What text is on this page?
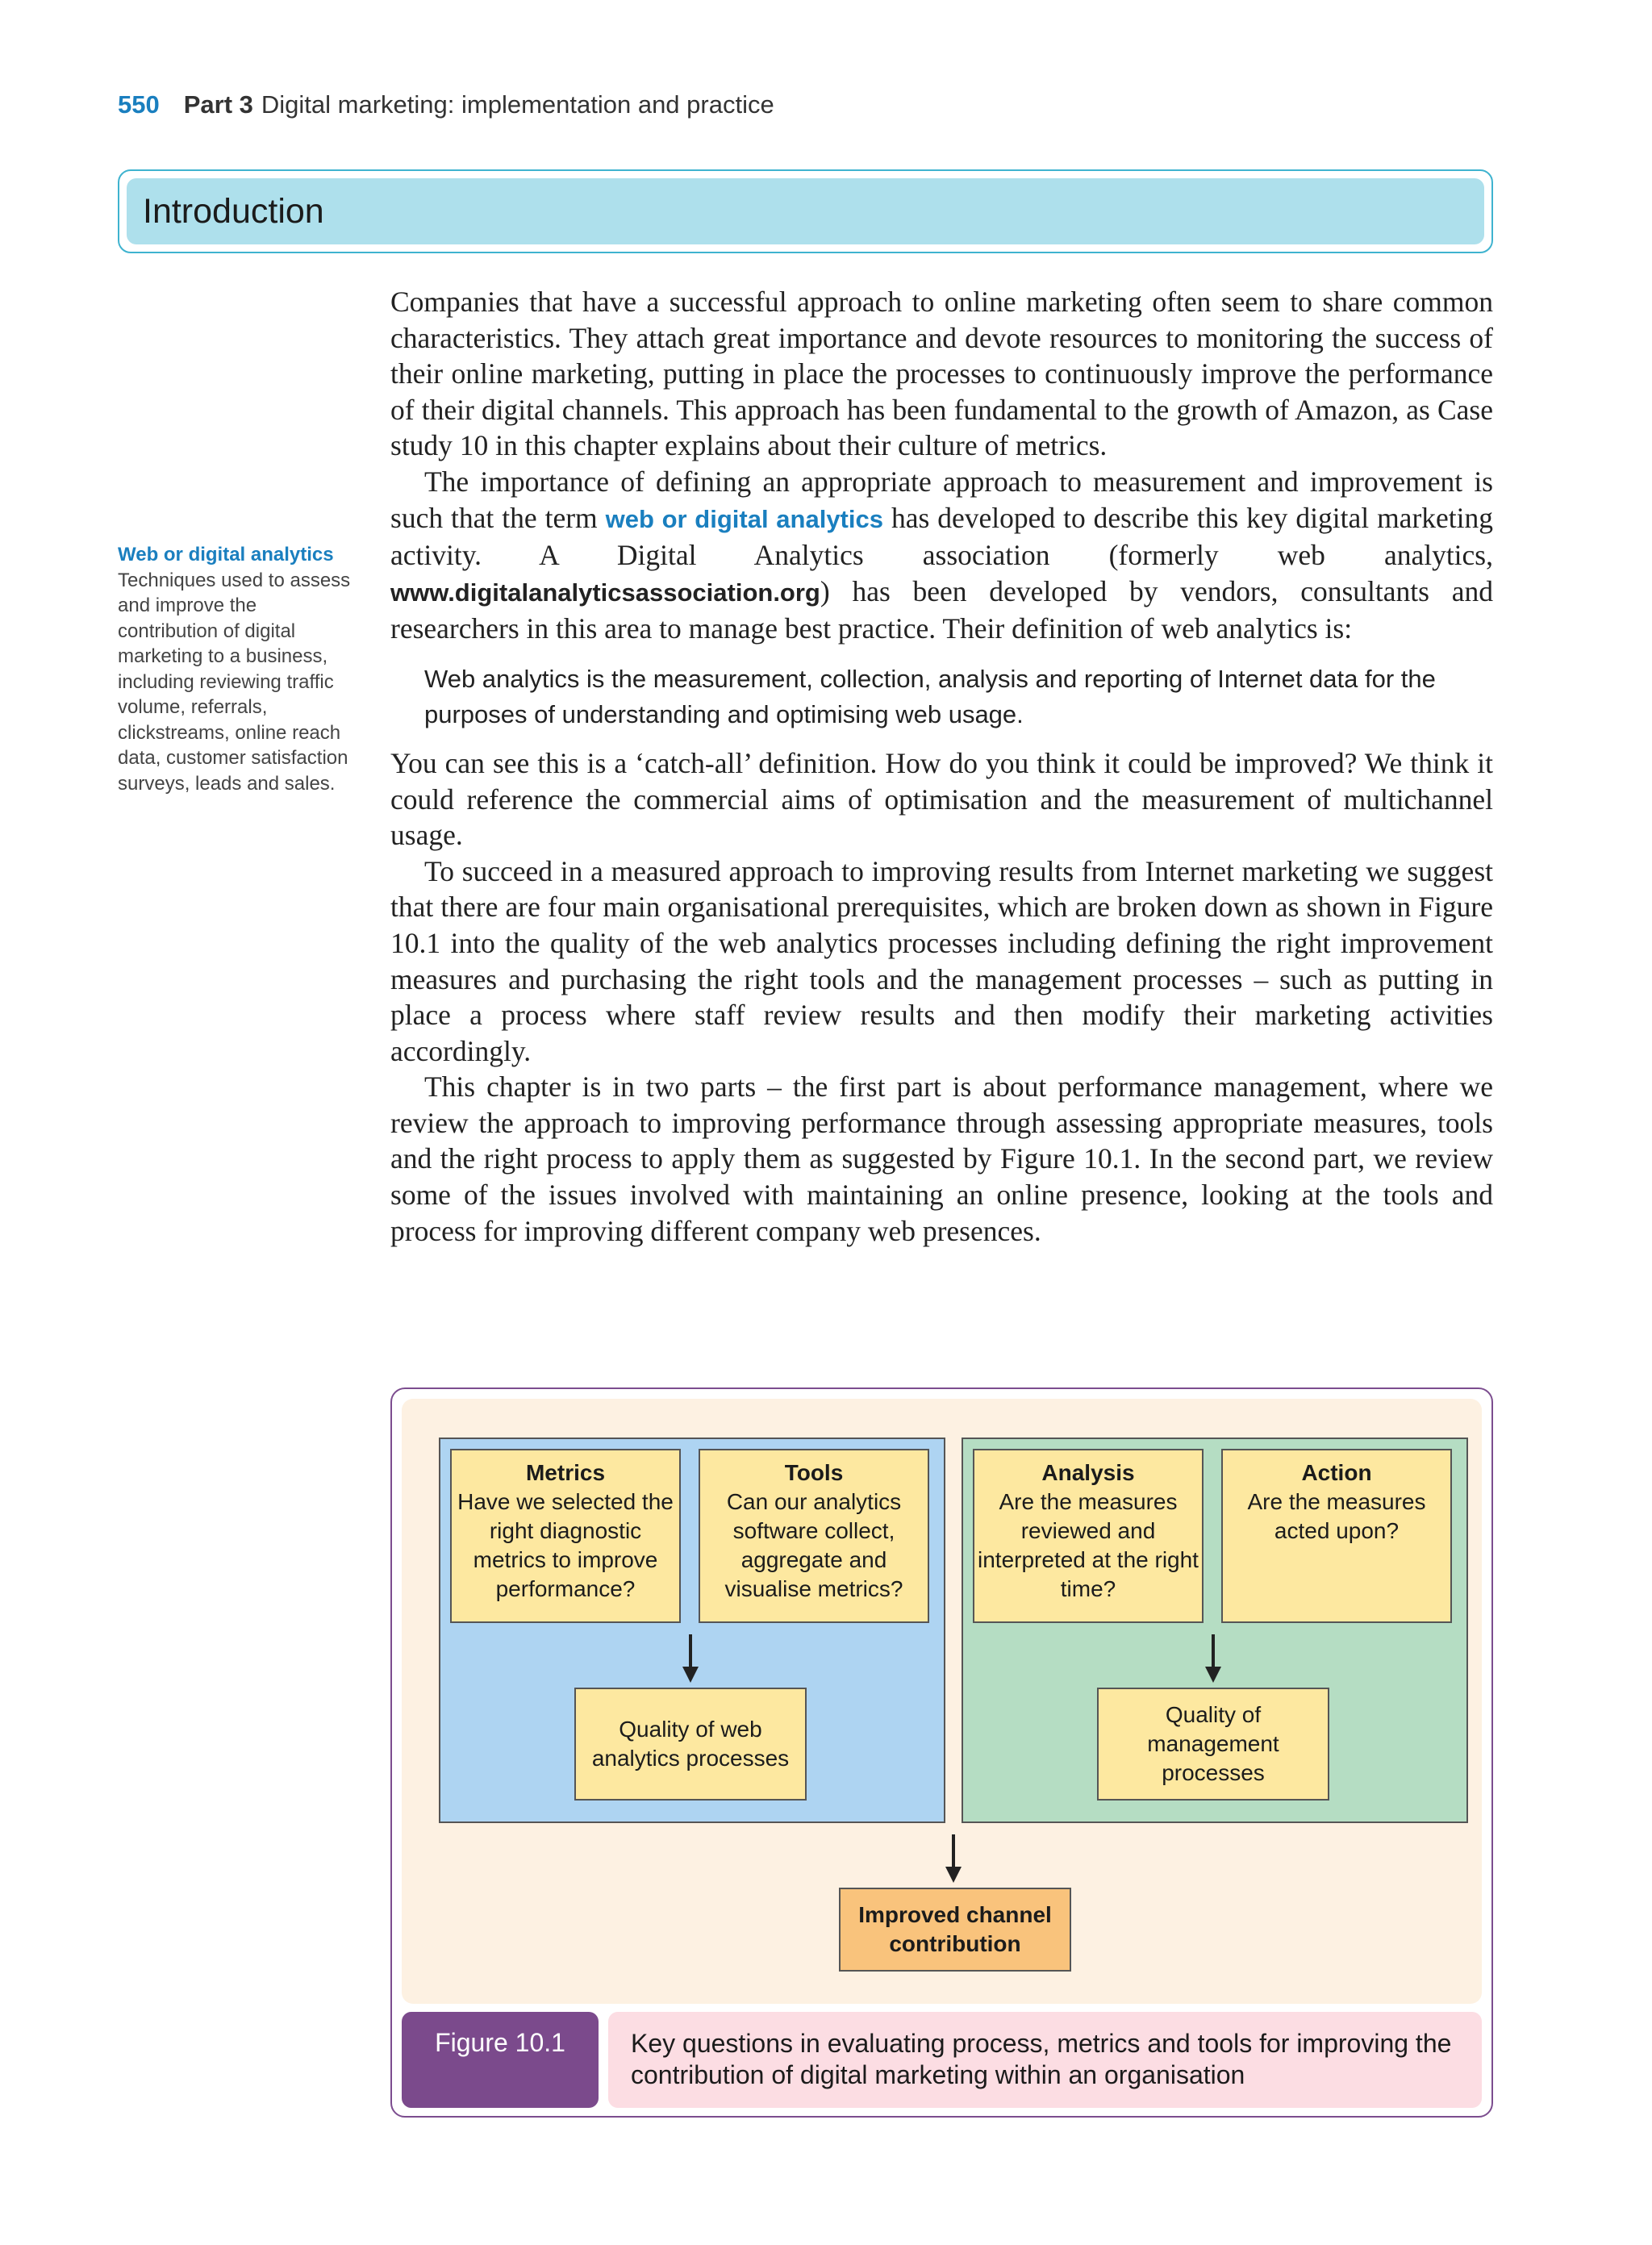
550 Part 3 Digital marketing: implementation and practice
Introduction
Web or digital analytics
Techniques used to assess and improve the contribution of digital marketing to a business, including reviewing traffic volume, referrals, clickstreams, online reach data, customer satisfaction surveys, leads and sales.

Companies that have a successful approach to online marketing often seem to share common characteristics. They attach great importance and devote resources to monitoring the success of their online marketing, putting in place the processes to continuously improve the performance of their digital channels. This approach has been fundamental to the growth of Amazon, as Case study 10 in this chapter explains about their culture of metrics.

The importance of defining an appropriate approach to measurement and improvement is such that the term web or digital analytics has developed to describe this key digital marketing activity. A Digital Analytics association (formerly web analytics, www.digitalanalyticsassociation.org) has been developed by vendors, consultants and researchers in this area to manage best practice. Their definition of web analytics is:

Web analytics is the measurement, collection, analysis and reporting of Internet data for the purposes of understanding and optimising web usage.

You can see this is a ‘catch-all’ definition. How do you think it could be improved? We think it could reference the commercial aims of optimisation and the measurement of multichannel usage.

To succeed in a measured approach to improving results from Internet marketing we suggest that there are four main organisational prerequisites, which are broken down as shown in Figure 10.1 into the quality of the web analytics processes including defining the right improvement measures and purchasing the right tools and the management processes – such as putting in place a process where staff review results and then modify their marketing activities accordingly.

This chapter is in two parts – the first part is about performance management, where we review the approach to improving performance through assessing appropriate measures, tools and the right process to apply them as suggested by Figure 10.1. In the second part, we review some of the issues involved with maintaining an online presence, looking at the tools and process for improving different company web presences.

Metrics
Have we selected the right diagnostic metrics to improve performance?
Tools
Can our analytics software collect, aggregate and visualise metrics?
Quality of web analytics processes
Analysis
Are the measures reviewed and interpreted at the right time?
Action
Are the measures acted upon?
Quality of management processes
Improved channel contribution
Figure 10.1	Key questions in evaluating process, metrics and tools for improving the contribution of digital marketing within an organisation
